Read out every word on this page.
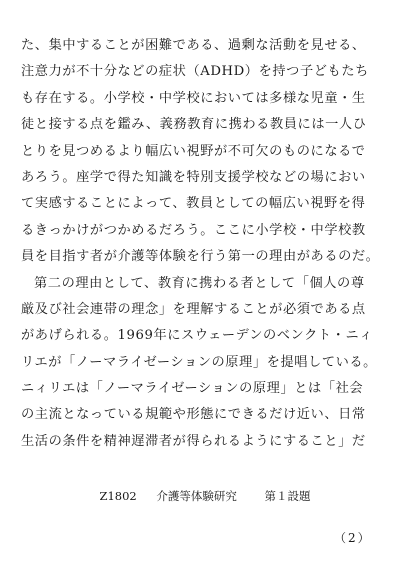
た、集中することが困難である、過剰な活動を見せる、
注意力が不十分などの症状（ADHD）を持つ子どもたち
も存在する。小学校・中学校においては多様な児童・生
徒と接する点を鑑み、義務教育に携わる教員には一人ひ
とりを見つめるより幅広い視野が不可欠のものになるで
あろう。座学で得た知識を特別支援学校などの場におい
て実感することによって、教員としての幅広い視野を得
るきっかけがつかめるだろう。ここに小学校・中学校教
員を目指す者が介護等体験を行う第一の理由があるのだ。
第二の理由として、教育に携わる者として「個人の尊
厳及び社会連帯の理念」を理解することが必須である点
があげられる。1969年にスウェーデンのベンクト・ニィ
リエが「ノーマライゼーションの原理」を提唱している。
ニィリエは「ノーマライゼーションの原理」とは「社会
の主流となっている規範や形態にできるだけ近い、日常
生活の条件を精神遅滞者が得られるようにすること」だ
Z1802 介護等体験研究 第１設題
（2）
